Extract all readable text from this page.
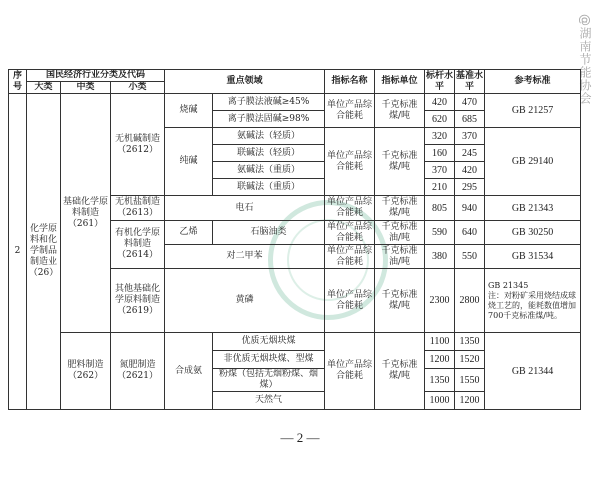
@湖南节能协会
序号	国民经济行业分类及代码			重点领域		指标名称	指标单位	标杆水平	基准水平	参考标准
	大类	中类	小类							
2	化学原料和化学制品制造业（26）	基础化学原料制造（261）	无机碱制造（2612）	烧碱	离子膜法液碱≥45%	单位产品综合能耗	千克标准煤/吨	420	470	GB 21257
					离子膜法固碱≥98%			620	685	
				纯碱	氨碱法（轻质）	单位产品综合能耗	千克标准煤/吨	320	370	GB 29140
					联碱法（轻质）			160	245	
					氨碱法（重质）			370	420	
					联碱法（重质）			210	295	
			无机盐制造（2613）	电石		单位产品综合能耗	千克标准煤/吨	805	940	GB 21343
			有机化学原料制造（2614）	乙烯	石脑油类	单位产品综合能耗	千克标准油/吨	590	640	GB 30250
				对二甲苯		单位产品综合能耗	千克标准油/吨	380	550	GB 31534
			其他基础化学原料制造（2619）	黄磷		单位产品综合能耗	千克标准煤/吨	2300	2800	GB 21345
注：对粉矿采用烧结成球烧工艺的，能耗数值增加700千克标准煤/吨。
		肥料制造（262）	氮肥制造（2621）	合成氨	优质无烟块煤	单位产品综合能耗	千克标准煤/吨	1100	1350	GB 21344
					非优质无烟块煤、型煤			1200	1520	
					粉煤（包括无烟粉煤、烟煤）			1350	1550	
					天然气			1000	1200	
— 2 —
